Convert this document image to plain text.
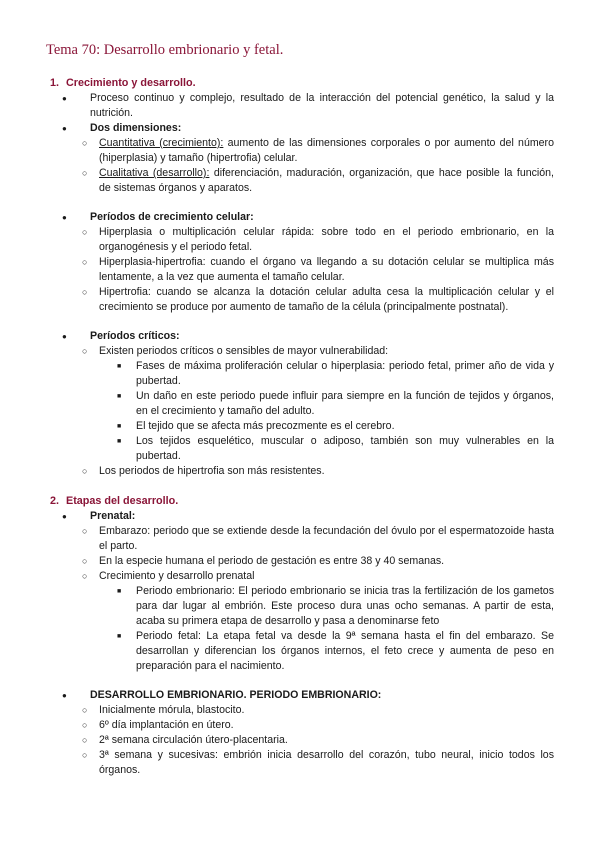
Tema 70: Desarrollo embrionario y fetal.
1. Crecimiento y desarrollo.
● Proceso continuo y complejo, resultado de la interacción del potencial genético, la salud y la nutrición.
● Dos dimensiones:
○ Cuantitativa (crecimiento): aumento de las dimensiones corporales o por aumento del número (hiperplasia) y tamaño (hipertrofia) celular.
○ Cualitativa (desarrollo): diferenciación, maduración, organización, que hace posible la función, de sistemas órganos y aparatos.
● Períodos de crecimiento celular:
○ Hiperplasia o multiplicación celular rápida: sobre todo en el periodo embrionario, en la organogénesis y el periodo fetal.
○ Hiperplasia-hipertrofia: cuando el órgano va llegando a su dotación celular se multiplica más lentamente, a la vez que aumenta el tamaño celular.
○ Hipertrofia: cuando se alcanza la dotación celular adulta cesa la multiplicación celular y el crecimiento se produce por aumento de tamaño de la célula (principalmente postnatal).
● Períodos críticos:
○ Existen periodos críticos o sensibles de mayor vulnerabilidad:
■ Fases de máxima proliferación celular o hiperplasia: periodo fetal, primer año de vida y pubertad.
■ Un daño en este periodo puede influir para siempre en la función de tejidos y órganos, en el crecimiento y tamaño del adulto.
■ El tejido que se afecta más precozmente es el cerebro.
■ Los tejidos esquelético, muscular o adiposo, también son muy vulnerables en la pubertad.
○ Los periodos de hipertrofia son más resistentes.
2. Etapas del desarrollo.
● Prenatal:
○ Embarazo: periodo que se extiende desde la fecundación del óvulo por el espermatozoide hasta el parto.
○ En la especie humana el periodo de gestación es entre 38 y 40 semanas.
○ Crecimiento y desarrollo prenatal
■ Periodo embrionario: El periodo embrionario se inicia tras la fertilización de los gametos para dar lugar al embrión. Este proceso dura unas ocho semanas. A partir de esta, acaba su primera etapa de desarrollo y pasa a denominarse feto
■ Periodo fetal: La etapa fetal va desde la 9ª semana hasta el fin del embarazo. Se desarrollan y diferencian los órganos internos, el feto crece y aumenta de peso en preparación para el nacimiento.
● DESARROLLO EMBRIONARIO. PERIODO EMBRIONARIO:
○ Inicialmente mórula, blastocito.
○ 6º día implantación en útero.
○ 2ª semana circulación útero-placentaria.
○ 3ª semana y sucesivas: embrión inicia desarrollo del corazón, tubo neural, inicio todos los órganos.
